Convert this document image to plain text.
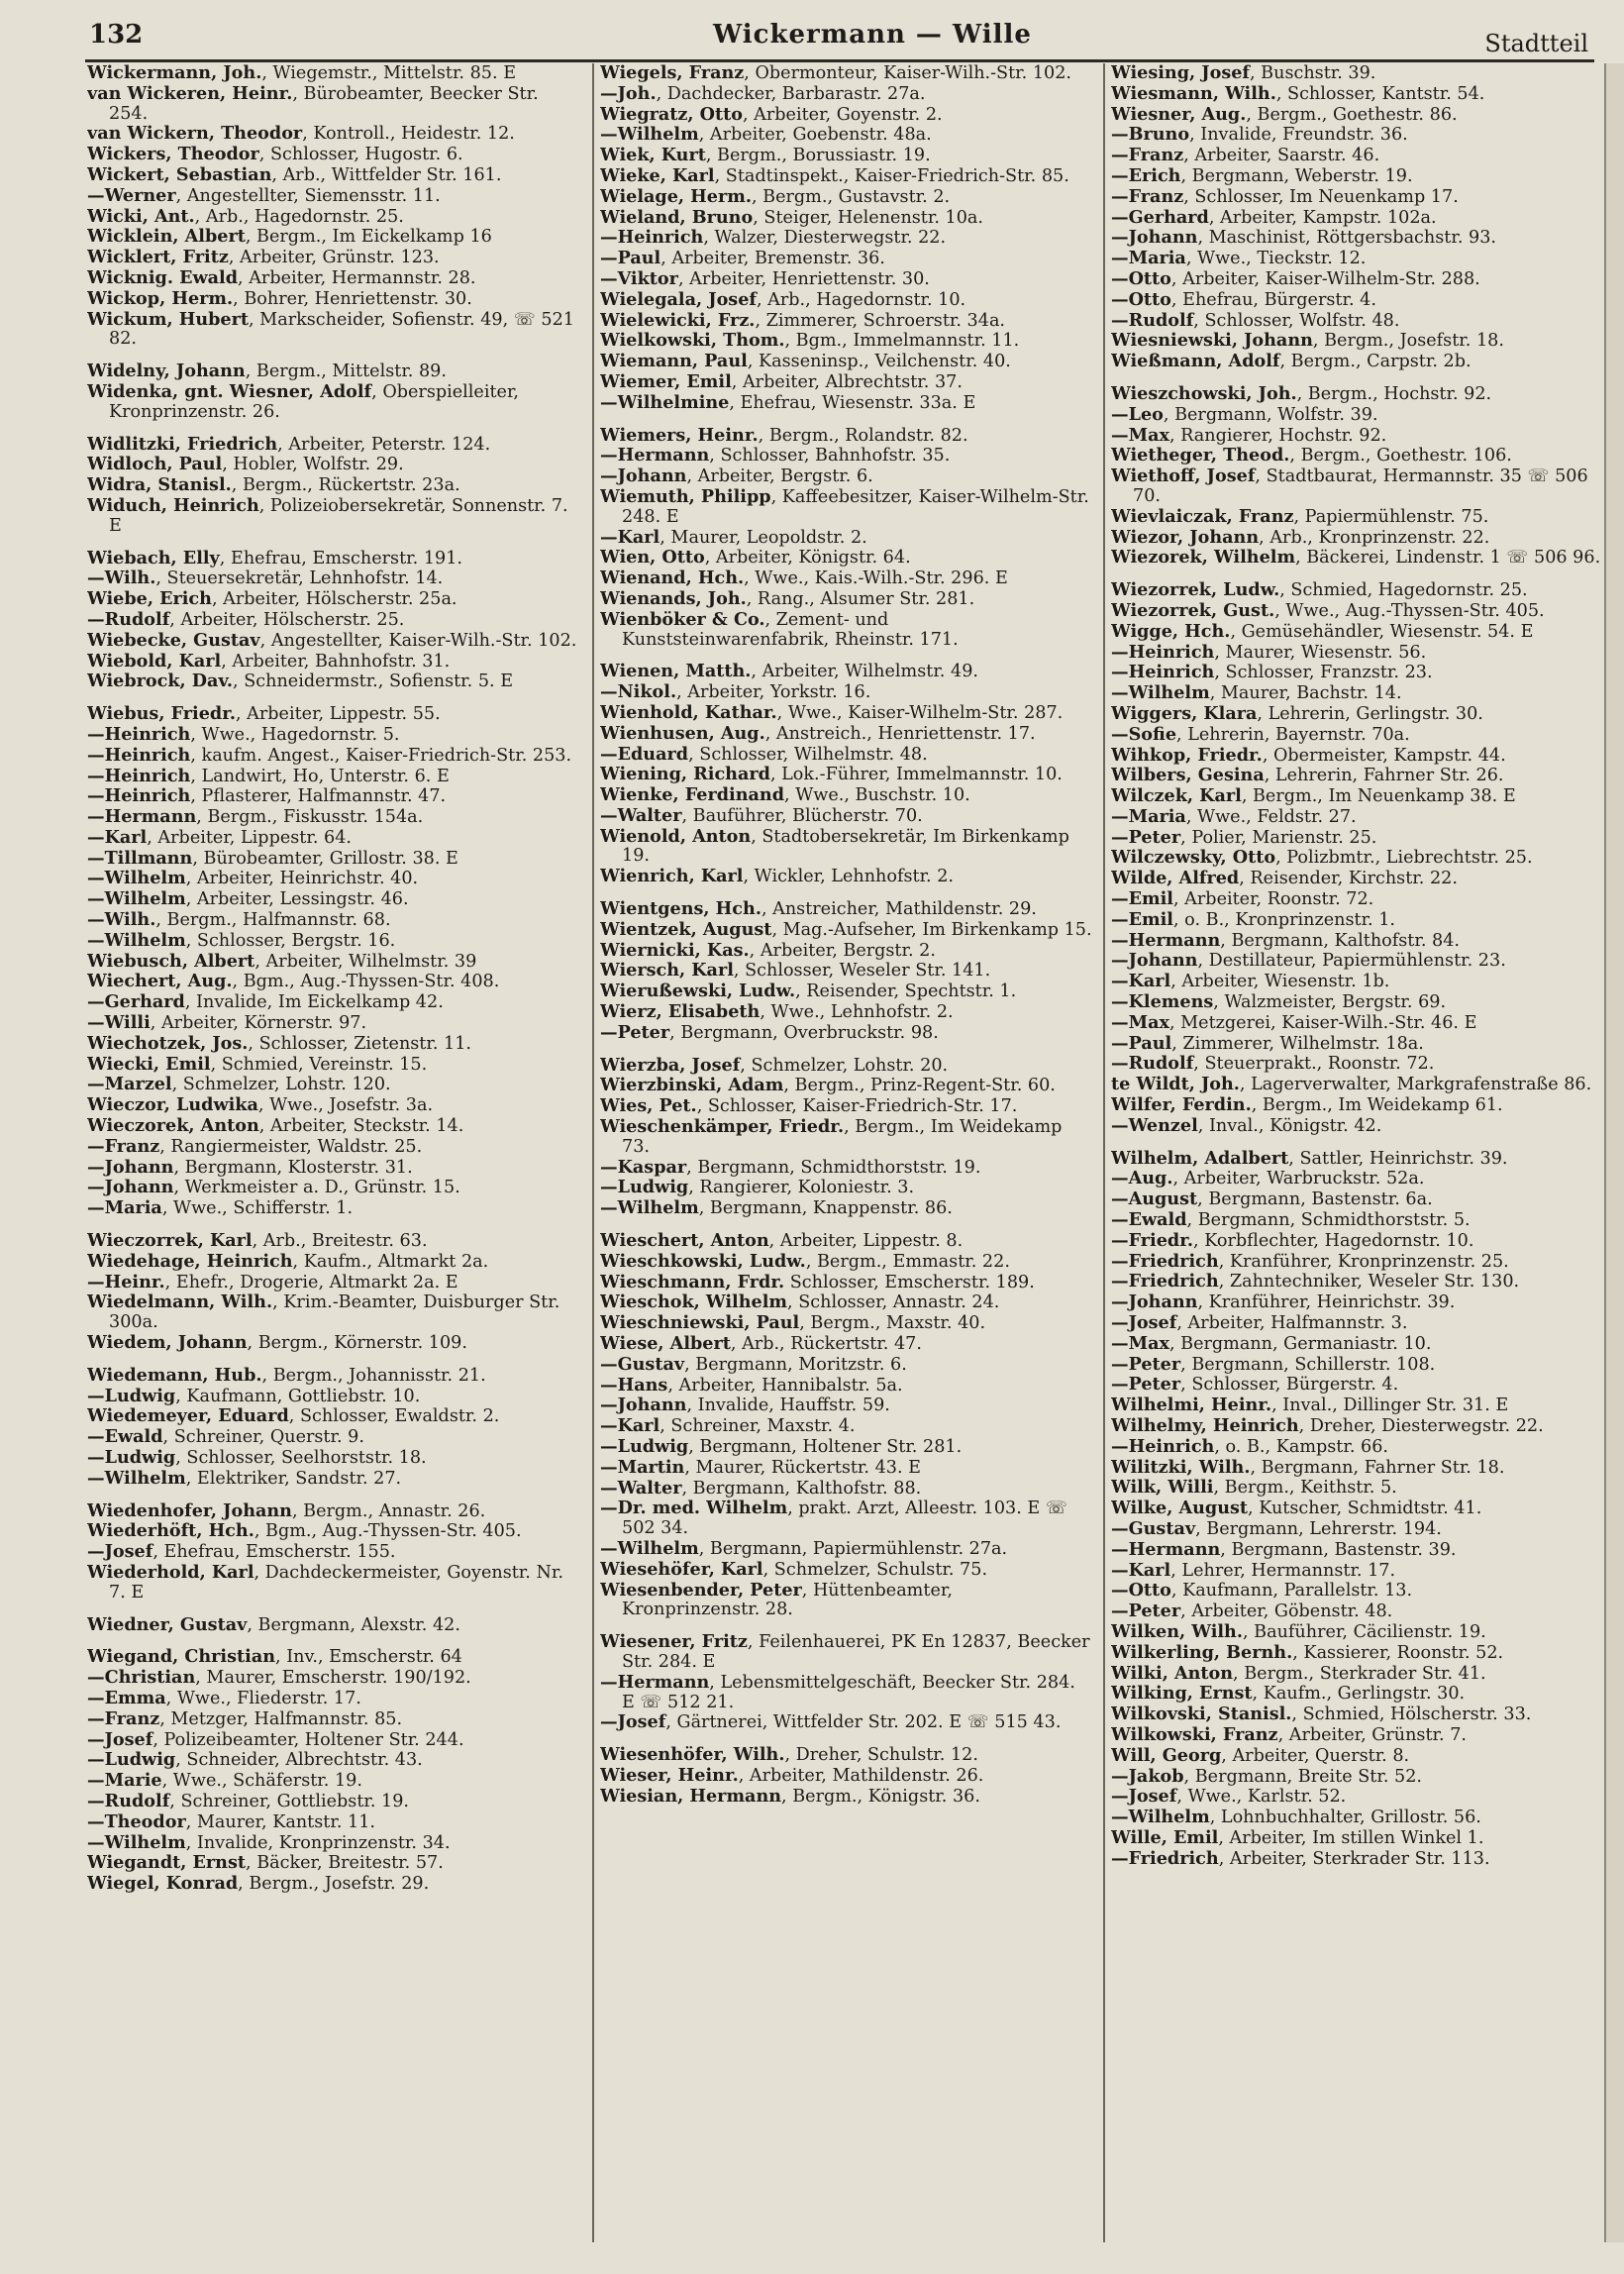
132	Wickermann — Wille	Stadtteil
Wickermann, Joh., Wiegemstr., Mittelstr. 85. E
van Wickeren, Heinr., Bürobeamter, Beecker Str. 254.
van Wickern, Theodor, Kontroll., Heidestr. 12.
Wickers, Theodor, Schlosser, Hugostr. 6.
Wickert, Sebastian, Arb., Wittfelder Str. 161.
—Werner, Angestellter, Siemensstr. 11.
Wicki, Ant., Arb., Hagedornstr. 25.
Wicklein, Albert, Bergm., Im Eickelkamp 16
Wicklert, Fritz, Arbeiter, Grünstr. 123.
Wicknig. Ewald, Arbeiter, Hermannstr. 28.
Wickop, Herm., Bohrer, Henriettenstr. 30.
Wickum, Hubert, Markscheider, Sofienstr. 49, ☏ 521 82.
Widelny, Johann, Bergm., Mittelstr. 89.
Widenka, gnt. Wiesner, Adolf, Oberspielleiter, Kronprinzenstr. 26.
Widlitzki, Friedrich, Arbeiter, Peterstr. 124.
Widloch, Paul, Hobler, Wolfstr. 29.
Widra, Stanisl., Bergm., Rückertstr. 23a.
Widuch, Heinrich, Polizeiobersekretär, Sonnenstr. 7. E
Wiebach, Elly, Ehefrau, Emscherstr. 191.
—Wilh., Steuersekretär, Lehnhofstr. 14.
Wiebe, Erich, Arbeiter, Hölscherstr. 25a.
—Rudolf, Arbeiter, Hölscherstr. 25.
Wiebecke, Gustav, Angestellter, Kaiser-Wilh.-Str. 102.
Wiebold, Karl, Arbeiter, Bahnhofstr. 31.
Wiebrock, Dav., Schneidermstr., Sofienstr. 5. E
Wiebus, Friedr., Arbeiter, Lippestr. 55.
—Heinrich, Wwe., Hagedornstr. 5.
—Heinrich, kaufm. Angest., Kaiser-Friedrich-Str. 253.
—Heinrich, Landwirt, Ho, Unterstr. 6. E
—Heinrich, Pflasterer, Halfmannstr. 47.
—Hermann, Bergm., Fiskusstr. 154a.
—Karl, Arbeiter, Lippestr. 64.
—Tillmann, Bürobeamter, Grillostr. 38. E
—Wilhelm, Arbeiter, Heinrichstr. 40.
—Wilhelm, Arbeiter, Lessingstr. 46.
—Wilh., Bergm., Halfmannstr. 68.
—Wilhelm, Schlosser, Bergstr. 16.
Wiebusch, Albert, Arbeiter, Wilhelmstr. 39
Wiechert, Aug., Bgm., Aug.-Thyssen-Str. 408.
—Gerhard, Invalide, Im Eickelkamp 42.
—Willi, Arbeiter, Körnerstr. 97.
Wiechotzek, Jos., Schlosser, Zietenstr. 11.
Wiecki, Emil, Schmied, Vereinstr. 15.
—Marzel, Schmelzer, Lohstr. 120.
Wieczor, Ludwika, Wwe., Josefstr. 3a.
Wieczorek, Anton, Arbeiter, Steckstr. 14.
—Franz, Rangiermeister, Waldstr. 25.
—Johann, Bergmann, Klosterstr. 31.
—Johann, Werkmeister a. D., Grünstr. 15.
—Maria, Wwe., Schifferstr. 1.
Wieczorrek, Karl, Arb., Breitestr. 63.
Wiedehage, Heinrich, Kaufm., Altmarkt 2a.
—Heinr., Ehefr., Drogerie, Altmarkt 2a. E
Wiedelmann, Wilh., Krim.-Beamter, Duisburger Str. 300a.
Wiedem, Johann, Bergm., Körnerstr. 109.
Wiedemann, Hub., Bergm., Johannisstr. 21.
—Ludwig, Kaufmann, Gottliebstr. 10.
Wiedemeyer, Eduard, Schlosser, Ewaldstr. 2.
—Ewald, Schreiner, Querstr. 9.
—Ludwig, Schlosser, Seelhorststr. 18.
—Wilhelm, Elektriker, Sandstr. 27.
Wiedenhofer, Johann, Bergm., Annastr. 26.
Wiederhöft, Hch., Bgm., Aug.-Thyssen-Str. 405.
—Josef, Ehefrau, Emscherstr. 155.
Wiederhold, Karl, Dachdeckermeister, Goyenstr. Nr. 7. E
Wiedner, Gustav, Bergmann, Alexstr. 42.
Wiegand, Christian, Inv., Emscherstr. 64
—Christian, Maurer, Emscherstr. 190/192.
—Emma, Wwe., Fliederstr. 17.
—Franz, Metzger, Halfmannstr. 85.
—Josef, Polizeibeamter, Holtener Str. 244.
—Ludwig, Schneider, Albrechtstr. 43.
—Marie, Wwe., Schäferstr. 19.
—Rudolf, Schreiner, Gottliebstr. 19.
—Theodor, Maurer, Kantstr. 11.
—Wilhelm, Invalide, Kronprinzenstr. 34.
Wiegandt, Ernst, Bäcker, Breitestr. 57.
Wiegel, Konrad, Bergm., Josefstr. 29.
Wiegels, Franz, Obermonteur, Kaiser-Wilh.-Str. 102.
—Joh., Dachdecker, Barbarastr. 27a.
Wiegratz, Otto, Arbeiter, Goyenstr. 2.
—Wilhelm, Arbeiter, Goebenstr. 48a.
Wiek, Kurt, Bergm., Borussiastr. 19.
Wieke, Karl, Stadtinspekt., Kaiser-Friedrich-Str. 85.
Wielage, Herm., Bergm., Gustavstr. 2.
Wieland, Bruno, Steiger, Helenenstr. 10a.
—Heinrich, Walzer, Diesterwegstr. 22.
—Paul, Arbeiter, Bremenstr. 36.
—Viktor, Arbeiter, Henriettenstr. 30.
Wielegala, Josef, Arb., Hagedornstr. 10.
Wielewicki, Frz., Zimmerer, Schroerstr. 34a.
Wielkowski, Thom., Bgm., Immelmannstr. 11.
Wiemann, Paul, Kasseninsp., Veilchenstr. 40.
Wiemer, Emil, Arbeiter, Albrechtstr. 37.
—Wilhelmine, Ehefrau, Wiesenstr. 33a. E
Wiemers, Heinr., Bergm., Rolandstr. 82.
—Hermann, Schlosser, Bahnhofstr. 35.
—Johann, Arbeiter, Bergstr. 6.
Wiemuth, Philipp, Kaffeebesitzer, Kaiser-Wilhelm-Str. 248. E
—Karl, Maurer, Leopoldstr. 2.
Wien, Otto, Arbeiter, Königstr. 64.
Wienand, Hch., Wwe., Kais.-Wilh.-Str. 296. E
Wienands, Joh., Rang., Alsumer Str. 281.
Wienböker & Co., Zement- und Kunststeinwarenfabrik, Rheinstr. 171.
Wienen, Matth., Arbeiter, Wilhelmstr. 49.
—Nikol., Arbeiter, Yorkstr. 16.
Wienhold, Kathar., Wwe., Kaiser-Wilhelm-Str. 287.
Wienhusen, Aug., Anstreich., Henriettenstr. 17.
—Eduard, Schlosser, Wilhelmstr. 48.
Wiening, Richard, Lok.-Führer, Immelmannstr. 10.
Wienke, Ferdinand, Wwe., Buschstr. 10.
—Walter, Bauführer, Blücherstr. 70.
Wienold, Anton, Stadtobersekretär, Im Birkenkamp 19.
Wienrich, Karl, Wickler, Lehnhofstr. 2.
Wientgens, Hch., Anstreicher, Mathildenstr. 29.
Wientzek, August, Mag.-Aufseher, Im Birkenkamp 15.
Wiernicki, Kas., Arbeiter, Bergstr. 2.
Wiersch, Karl, Schlosser, Weseler Str. 141.
Wierußewski, Ludw., Reisender, Spechtstr. 1.
Wierz, Elisabeth, Wwe., Lehnhofstr. 2.
—Peter, Bergmann, Overbruckstr. 98.
Wierzba, Josef, Schmelzer, Lohstr. 20.
Wierzbinski, Adam, Bergm., Prinz-Regent-Str. 60.
Wies, Pet., Schlosser, Kaiser-Friedrich-Str. 17.
Wieschenkämper, Friedr., Bergm., Im Weidekamp 73.
—Kaspar, Bergmann, Schmidthorststr. 19.
—Ludwig, Rangierer, Koloniestr. 3.
—Wilhelm, Bergmann, Knappenstr. 86.
Wieschert, Anton, Arbeiter, Lippestr. 8.
Wieschkowski, Ludw., Bergm., Emmastr. 22.
Wieschmann, Frdr. Schlosser, Emscherstr. 189.
Wieschok, Wilhelm, Schlosser, Annastr. 24.
Wieschniewski, Paul, Bergm., Maxstr. 40.
Wiese, Albert, Arb., Rückertstr. 47.
—Gustav, Bergmann, Moritzstr. 6.
—Hans, Arbeiter, Hannibalstr. 5a.
—Johann, Invalide, Hauffstr. 59.
—Karl, Schreiner, Maxstr. 4.
—Ludwig, Bergmann, Holtener Str. 281.
—Martin, Maurer, Rückertstr. 43. E
—Walter, Bergmann, Kalthofstr. 88.
—Dr. med. Wilhelm, prakt. Arzt, Alleestr. 103. E ☏ 502 34.
—Wilhelm, Bergmann, Papiermühlenstr. 27a.
Wiesehöfer, Karl, Schmelzer, Schulstr. 75.
Wiesenbender, Peter, Hüttenbeamter, Kronprinzenstr. 28.
Wiesener, Fritz, Feilenhauerei, PK En 12837, Beecker Str. 284. E
—Hermann, Lebensmittelgeschäft, Beecker Str. 284. E ☏ 512 21.
—Josef, Gärtnerei, Wittfelder Str. 202. E ☏ 515 43.
Wiesenhöfer, Wilh., Dreher, Schulstr. 12.
Wieser, Heinr., Arbeiter, Mathildenstr. 26.
Wiesian, Hermann, Bergm., Königstr. 36.
Wiesing, Josef, Buschstr. 39.
Wiesmann, Wilh., Schlosser, Kantstr. 54.
Wiesner, Aug., Bergm., Goethestr. 86.
—Bruno, Invalide, Freundstr. 36.
—Franz, Arbeiter, Saarstr. 46.
—Erich, Bergmann, Weberstr. 19.
—Franz, Schlosser, Im Neuenkamp 17.
—Gerhard, Arbeiter, Kampstr. 102a.
—Johann, Maschinist, Röttgersbachstr. 93.
—Maria, Wwe., Tieckstr. 12.
—Otto, Arbeiter, Kaiser-Wilhelm-Str. 288.
—Otto, Ehefrau, Bürgerstr. 4.
—Rudolf, Schlosser, Wolfstr. 48.
Wiesniewski, Johann, Bergm., Josefstr. 18.
Wießmann, Adolf, Bergm., Carpstr. 2b.
Wieszchowski, Joh., Bergm., Hochstr. 92.
—Leo, Bergmann, Wolfstr. 39.
—Max, Rangierer, Hochstr. 92.
Wietheger, Theod., Bergm., Goethestr. 106.
Wiethoff, Josef, Stadtbaurat, Hermannstr. 35 ☏ 506 70.
Wievlaiczak, Franz, Papiermühlenstr. 75.
Wiezor, Johann, Arb., Kronprinzenstr. 22.
Wiezorek, Wilhelm, Bäckerei, Lindenstr. 1 ☏ 506 96.
Wiezorrek, Ludw., Schmied, Hagedornstr. 25.
Wiezorrek, Gust., Wwe., Aug.-Thyssen-Str. 405.
Wigge, Hch., Gemüsehändler, Wiesenstr. 54. E
—Heinrich, Maurer, Wiesenstr. 56.
—Heinrich, Schlosser, Franzstr. 23.
—Wilhelm, Maurer, Bachstr. 14.
Wiggers, Klara, Lehrerin, Gerlingstr. 30.
—Sofie, Lehrerin, Bayernstr. 70a.
Wihkop, Friedr., Obermeister, Kampstr. 44.
Wilbers, Gesina, Lehrerin, Fahrner Str. 26.
Wilczek, Karl, Bergm., Im Neuenkamp 38. E
—Maria, Wwe., Feldstr. 27.
—Peter, Polier, Marienstr. 25.
Wilczewsky, Otto, Polizbmtr., Liebrechtstr. 25.
Wilde, Alfred, Reisender, Kirchstr. 22.
—Emil, Arbeiter, Roonstr. 72.
—Emil, o. B., Kronprinzenstr. 1.
—Hermann, Bergmann, Kalthofstr. 84.
—Johann, Destillateur, Papiermühlenstr. 23.
—Karl, Arbeiter, Wiesenstr. 1b.
—Klemens, Walzmeister, Bergstr. 69.
—Max, Metzgerei, Kaiser-Wilh.-Str. 46. E
—Paul, Zimmerer, Wilhelmstr. 18a.
—Rudolf, Steuerprakt., Roonstr. 72.
te Wildt, Joh., Lagerverwalter, Markgrafenstraße 86.
Wilfer, Ferdin., Bergm., Im Weidekamp 61.
—Wenzel, Inval., Königstr. 42.
Wilhelm, Adalbert, Sattler, Heinrichstr. 39.
—Aug., Arbeiter, Warbruckstr. 52a.
—August, Bergmann, Bastenstr. 6a.
—Ewald, Bergmann, Schmidthorststr. 5.
—Friedr., Korbflechter, Hagedornstr. 10.
—Friedrich, Kranführer, Kronprinzenstr. 25.
—Friedrich, Zahntechniker, Weseler Str. 130.
—Johann, Kranführer, Heinrichstr. 39.
—Josef, Arbeiter, Halfmannstr. 3.
—Max, Bergmann, Germaniastr. 10.
—Peter, Bergmann, Schillerstr. 108.
—Peter, Schlosser, Bürgerstr. 4.
Wilhelmi, Heinr., Inval., Dillinger Str. 31. E
Wilhelmy, Heinrich, Dreher, Diesterwegstr. 22.
—Heinrich, o. B., Kampstr. 66.
Wilitzki, Wilh., Bergmann, Fahrner Str. 18.
Wilk, Willi, Bergm., Keithstr. 5.
Wilke, August, Kutscher, Schmidtstr. 41.
—Gustav, Bergmann, Lehrerstr. 194.
—Hermann, Bergmann, Bastenstr. 39.
—Karl, Lehrer, Hermannstr. 17.
—Otto, Kaufmann, Parallelstr. 13.
—Peter, Arbeiter, Göbenstr. 48.
Wilken, Wilh., Bauführer, Cäcilienstr. 19.
Wilkerling, Bernh., Kassierer, Roonstr. 52.
Wilki, Anton, Bergm., Sterkrader Str. 41.
Wilking, Ernst, Kaufm., Gerlingstr. 30.
Wilkovski, Stanisl., Schmied, Hölscherstr. 33.
Wilkowski, Franz, Arbeiter, Grünstr. 7.
Will, Georg, Arbeiter, Querstr. 8.
—Jakob, Bergmann, Breite Str. 52.
—Josef, Wwe., Karlstr. 52.
—Wilhelm, Lohnbuchhalter, Grillostr. 56.
Wille, Emil, Arbeiter, Im stillen Winkel 1.
—Friedrich, Arbeiter, Sterkrader Str. 113.
